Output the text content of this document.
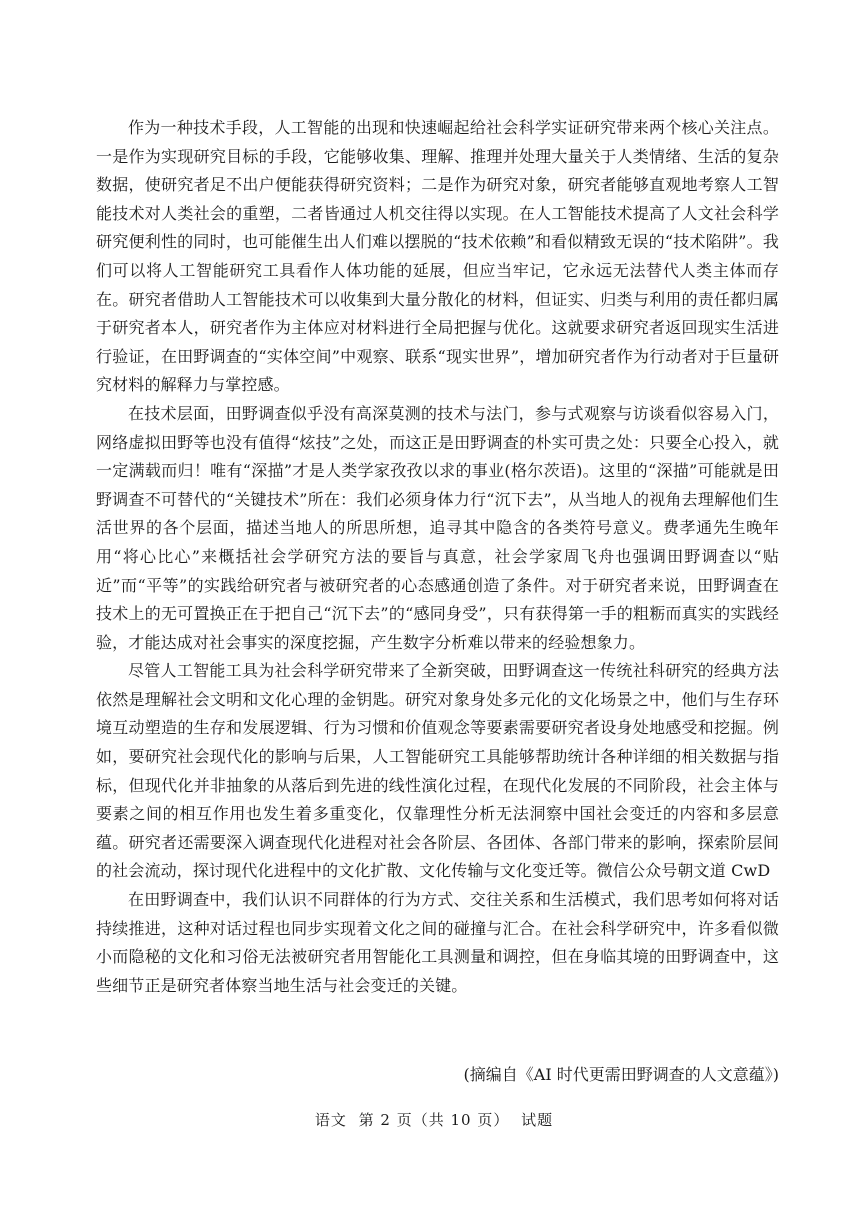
作为一种技术手段，人工智能的出现和快速崛起给社会科学实证研究带来两个核心关注点。一是作为实现研究目标的手段，它能够收集、理解、推理并处理大量关于人类情绪、生活的复杂数据，使研究者足不出户便能获得研究资料；二是作为研究对象，研究者能够直观地考察人工智能技术对人类社会的重塑，二者皆通过人机交往得以实现。在人工智能技术提高了人文社会科学研究便利性的同时，也可能催生出人们难以摆脱的“技术依赖”和看似精致无误的“技术陷阱”。我们可以将人工智能研究工具看作人体功能的延展，但应当牢记，它永远无法替代人类主体而存在。研究者借助人工智能技术可以收集到大量分散化的材料，但证实、归类与利用的责任都归属于研究者本人，研究者作为主体应对材料进行全局把握与优化。这就要求研究者返回现实生活进行验证，在田野调查的“实体空间”中观察、联系“现实世界”，增加研究者作为行动者对于巨量研究材料的解释力与掌控感。

在技术层面，田野调查似乎没有高深莫测的技术与法门，参与式观察与访谈看似容易入门，网络虚拟田野等也没有值得“炫技”之处，而这正是田野调查的朴实可贵之处：只要全心投入，就一定满载而归！唯有“深描”才是人类学家孜孜以求的事业(格尔茨语)。这里的“深描”可能就是田野调查不可替代的“关键技术”所在：我们必须身体力行“沉下去”，从当地人的视角去理解他们生活世界的各个层面，描述当地人的所思所想，追寻其中隐含的各类符号意义。费孝通先生晚年用“将心比心”来概括社会学研究方法的要旨与真意，社会学家周飞舟也强调田野调查以“贴近”而“平等”的实践给研究者与被研究者的心态感通创造了条件。对于研究者来说，田野调查在技术上的无可置换正在于把自己“沉下去”的“感同身受”，只有获得第一手的粗粝而真实的实践经验，才能达成对社会事实的深度挖掘，产生数字分析难以带来的经验想象力。

尽管人工智能工具为社会科学研究带来了全新突破，田野调查这一传统社科研究的经典方法依然是理解社会文明和文化心理的金钥匙。研究对象身处多元化的文化场景之中，他们与生存环境互动塑造的生存和发展逻辑、行为习惯和价值观念等要素需要研究者设身处地感受和挖掘。例如，要研究社会现代化的影响与后果，人工智能研究工具能够帮助统计各种详细的相关数据与指标，但现代化并非抽象的从落后到先进的线性演化过程，在现代化发展的不同阶段，社会主体与要素之间的相互作用也发生着多重变化，仅靠理性分析无法洞察中国社会变迁的内容和多层意蕴。研究者还需要深入调查现代化进程对社会各阶层、各团体、各部门带来的影响，探索阶层间的社会流动，探讨现代化进程中的文化扩散、文化传输与文化变迁等。微信公众号朝文道 CwD

在田野调查中，我们认识不同群体的行为方式、交往关系和生活模式，我们思考如何将对话持续推进，这种对话过程也同步实现着文化之间的碰撞与汇合。在社会科学研究中，许多看似微小而隐秘的文化和习俗无法被研究者用智能化工具测量和调控，但在身临其境的田野调查中，这些细节正是研究者体察当地生活与社会变迁的关键。

(摘编自《AI 时代更需田野调查的人文意蕴》)
语文 第 2 页（共 10 页） 试题
